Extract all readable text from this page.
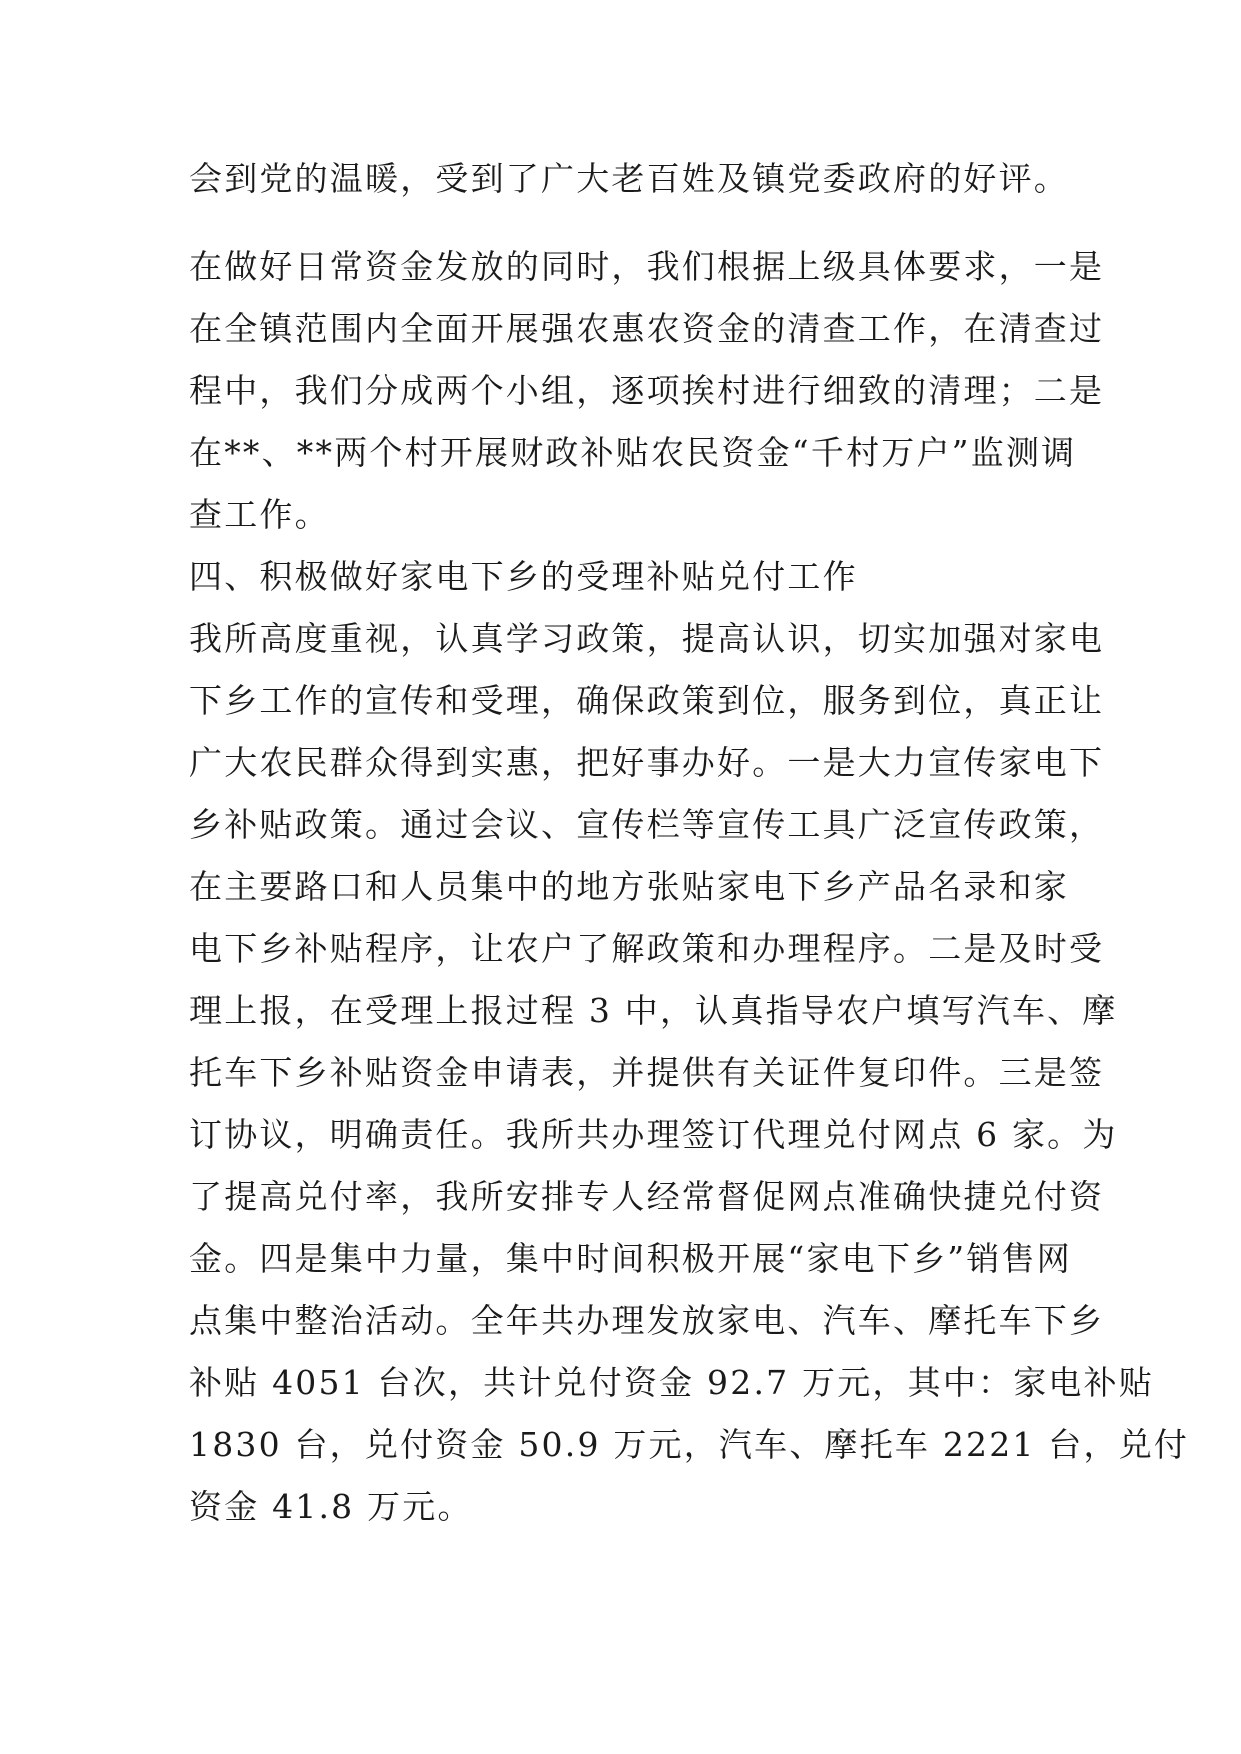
会到党的温暖，受到了广大老百姓及镇党委政府的好评。
在做好日常资金发放的同时，我们根据上级具体要求，一是
在全镇范围内全面开展强农惠农资金的清查工作，在清查过
程中，我们分成两个小组，逐项挨村进行细致的清理；二是
在**、**两个村开展财政补贴农民资金“千村万户”监测调
查工作。
四、积极做好家电下乡的受理补贴兑付工作
我所高度重视，认真学习政策，提高认识，切实加强对家电
下乡工作的宣传和受理，确保政策到位，服务到位，真正让
广大农民群众得到实惠，把好事办好。一是大力宣传家电下
乡补贴政策。通过会议、宣传栏等宣传工具广泛宣传政策，
在主要路口和人员集中的地方张贴家电下乡产品名录和家
电下乡补贴程序，让农户了解政策和办理程序。二是及时受
理上报，在受理上报过程 3 中，认真指导农户填写汽车、摩
托车下乡补贴资金申请表，并提供有关证件复印件。三是签
订协议，明确责任。我所共办理签订代理兑付网点 6 家。为
了提高兑付率，我所安排专人经常督促网点准确快捷兑付资
金。四是集中力量，集中时间积极开展“家电下乡”销售网
点集中整治活动。全年共办理发放家电、汽车、摩托车下乡
补贴 4051 台次，共计兑付资金 92.7 万元，其中：家电补贴
1830 台，兑付资金 50.9 万元，汽车、摩托车 2221 台，兑付
资金 41.8 万元。
